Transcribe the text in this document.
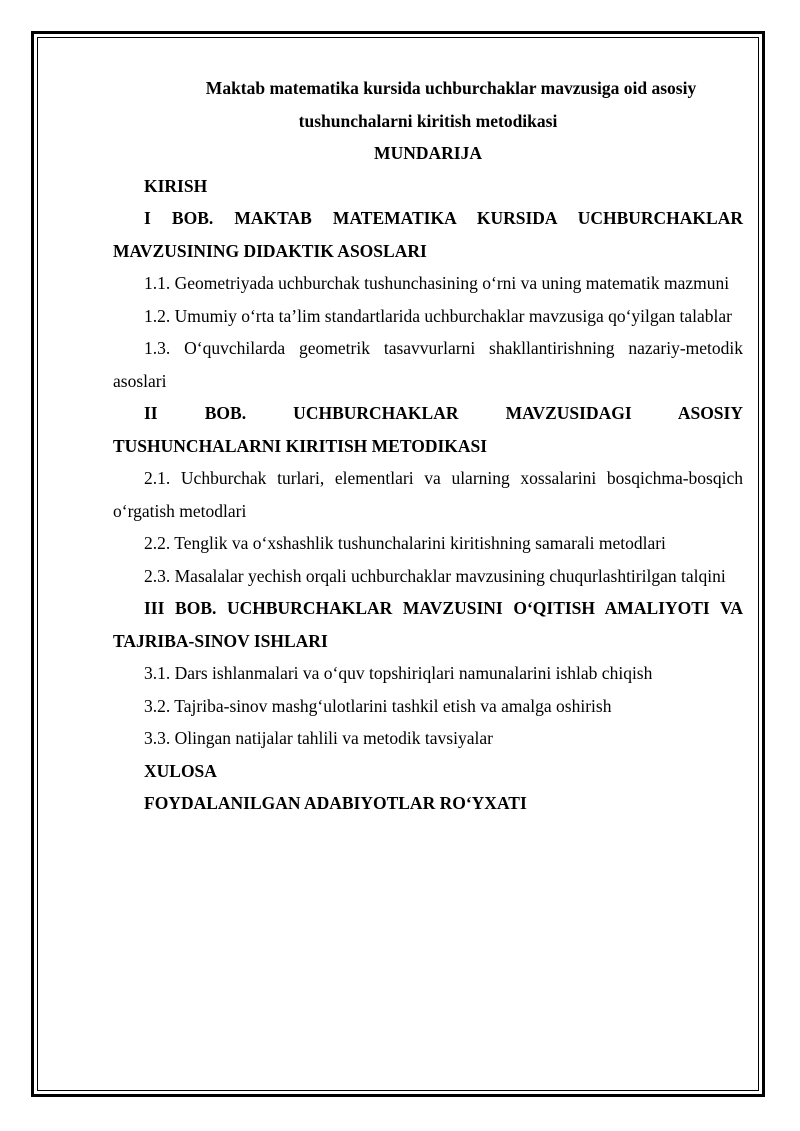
Maktab matematika kursida uchburchaklar mavzusiga oid asosiy tushunchalarni kiritish metodikasi

MUNDARIJA

KIRISH

I BOB. MAKTAB MATEMATIKA KURSIDA UCHBURCHAKLAR MAVZUSINING DIDAKTIK ASOSLARI

1.1. Geometriyada uchburchak tushunchasining o‘rni va uning matematik mazmuni

1.2. Umumiy o‘rta ta’lim standartlarida uchburchaklar mavzusiga qo‘yilgan talablar

1.3. O‘quvchilarda geometrik tasavvurlarni shakllantirishning nazariy-metodik asoslari

II BOB. UCHBURCHAKLAR MAVZUSIDAGI ASOSIY TUSHUNCHALARNI KIRITISH METODIKASI

2.1. Uchburchak turlari, elementlari va ularning xossalarini bosqichma-bosqich o‘rgatish metodlari

2.2. Tenglik va o‘xshashlik tushunchalarini kiritishning samarali metodlari

2.3. Masalalar yechish orqali uchburchaklar mavzusining chuqurlashtirilgan talqini

III BOB. UCHBURCHAKLAR MAVZUSINI O‘QITISH AMALIYOTI VA TAJRIBA-SINOV ISHLARI

3.1. Dars ishlanmalari va o‘quv topshiriqlari namunalarini ishlab chiqish

3.2. Tajriba-sinov mashg‘ulotlarini tashkil etish va amalga oshirish

3.3. Olingan natijalar tahlili va metodik tavsiyalar

XULOSA

FOYDALANILGAN ADABIYOTLAR RO‘YXATI
